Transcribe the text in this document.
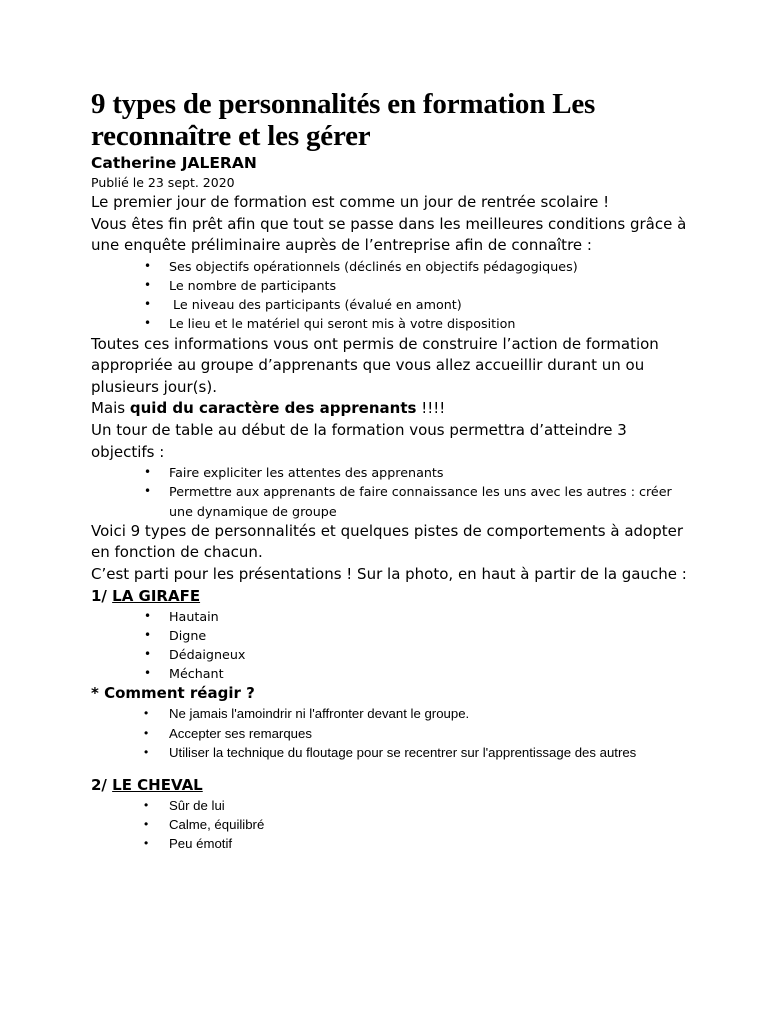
9 types de personnalités en formation Les reconnaître et les gérer
Catherine JALERAN
Publié le 23 sept. 2020

Le premier jour de formation est comme un jour de rentrée scolaire !

Vous êtes fin prêt afin que tout se passe dans les meilleures conditions grâce à une enquête préliminaire auprès de l’entreprise afin de connaître :

• Ses objectifs opérationnels (déclinés en objectifs pédagogiques)
• Le nombre de participants
•  Le niveau des participants (évalué en amont)
• Le lieu et le matériel qui seront mis à votre disposition

Toutes ces informations vous ont permis de construire l’action de formation appropriée au groupe d’apprenants que vous allez accueillir durant un ou plusieurs jour(s).

Mais quid du caractère des apprenants !!!!

Un tour de table au début de la formation vous permettra d’atteindre 3 objectifs :

• Faire expliciter les attentes des apprenants
• Permettre aux apprenants de faire connaissance les uns avec les autres : créer une dynamique de groupe

Voici 9 types de personnalités et quelques pistes de comportements à adopter en fonction de chacun.

C’est parti pour les présentations ! Sur la photo, en haut à partir de la gauche :

1/ LA GIRAFE
• Hautain
• Digne
• Dédaigneux
• Méchant
* Comment réagir ?
• Ne jamais l'amoindrir ni l'affronter devant le groupe.
• Accepter ses remarques
• Utiliser la technique du floutage pour se recentrer sur l'apprentissage des autres
2/ LE CHEVAL
• Sûr de lui
• Calme, équilibré
• Peu émotif
